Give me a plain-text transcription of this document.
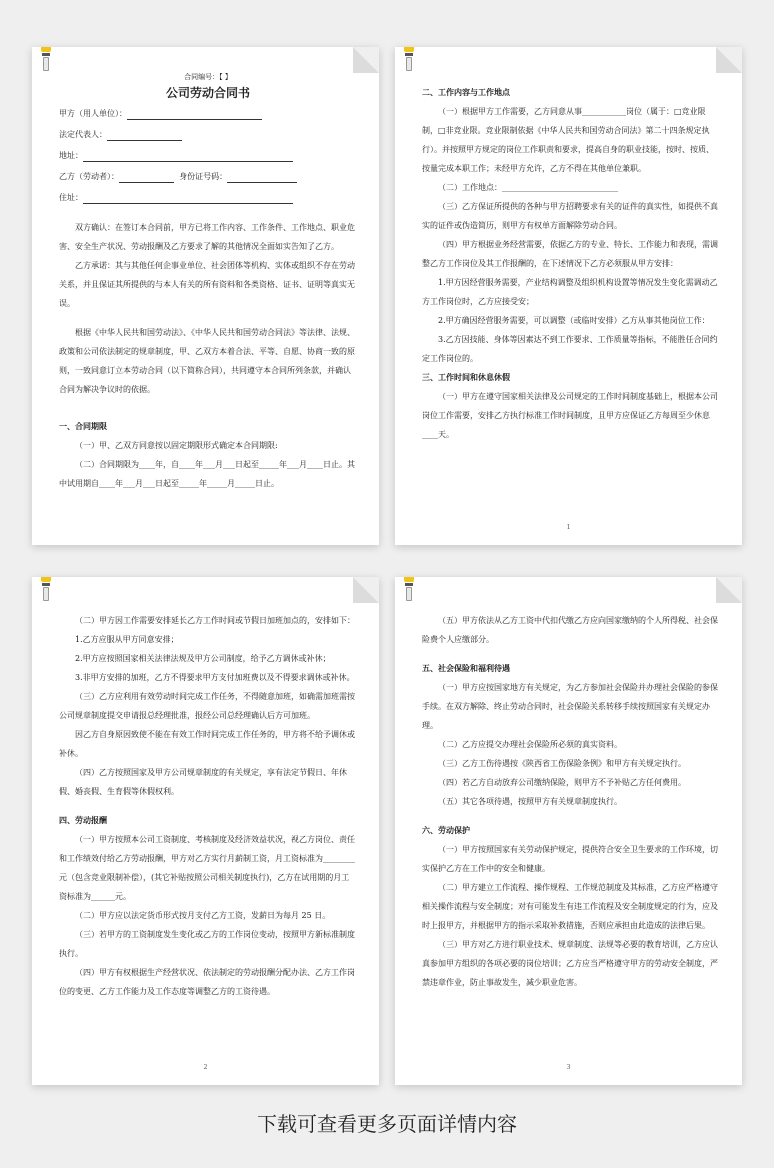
合同编号：【 】

公司劳动合同书

甲方（用人单位）：
法定代表人：
地址：
乙方（劳动者）：	身份证号码：
住址：

双方确认：在签订本合同前，甲方已将工作内容、工作条件、工作地点、职业危害、安全生产状况、劳动报酬及乙方要求了解的其他情况全面如实告知了乙方。

乙方承诺：其与其他任何企事业单位、社会团体等机构、实体或组织不存在劳动关系，并且保证其所提供的与本人有关的所有资料和各类资格、证书、证明等真实无误。

根据《中华人民共和国劳动法》、《中华人民共和国劳动合同法》等法律、法规、政策和公司依法制定的规章制度，甲、乙双方本着合法、平等、自愿、协商一致的原则，一致同意订立本劳动合同（以下简称合同），共同遵守本合同所列条款，并确认合同为解决争议时的依据。

一、合同期限

（一）甲、乙双方同意按以固定期限形式确定本合同期限:

（二）合同期限为____年，自____年___月___日起至_____年___月____日止。其中试用期自____年___月___日起至_____年_____月_____日止。

二、工作内容与工作地点

（一）根据甲方工作需要，乙方同意从事___________岗位（属于：□竞业限制，□非竞业限。竞业限制依据《中华人民共和国劳动合同法》第二十四条规定执行）。并按照甲方规定的岗位工作职责和要求，提高自身的职业技能，按时、按质、按量完成本职工作；未经甲方允许，乙方不得在其他单位兼职。

（二）工作地点：_____________________________

（三）乙方保证所提供的各种与甲方招聘要求有关的证件的真实性，如提供不真实的证件或伪造简历，则甲方有权单方面解除劳动合同。

（四）甲方根据业务经营需要，依据乙方的专业、特长、工作能力和表现，需调整乙方工作岗位及其工作报酬的，在下述情况下乙方必须服从甲方安排：

1.甲方因经营服务需要，产业结构调整及组织机构设置等情况发生变化需调动乙方工作岗位时，乙方应接受安；

2.甲方确因经营服务需要，可以调整（或临时安排）乙方从事其他岗位工作：

3.乙方因技能、身体等因素达不到工作要求、工作质量等指标，不能胜任合同约定工作岗位的。

三、工作时间和休息休假

（一）甲方在遵守国家相关法律及公司规定的工作时间制度基础上，根据本公司岗位工作需要，安排乙方执行标准工作时间制度，且甲方应保证乙方每周至少休息____天。

1

（二）甲方因工作需要安排延长乙方工作时间或节假日加班加点的，安排如下：

1.乙方应服从甲方同意安排；

2.甲方应按照国家相关法律法规及甲方公司制度，给予乙方调休或补休；

3.非甲方安排的加班，乙方不得要求甲方支付加班费以及不得要求调休或补休。

（三）乙方应利用有效劳动时间完成工作任务，不得随意加班，如确需加班需按公司规章制度提交申请报总经理批准，报经公司总经理确认后方可加班。

因乙方自身原因致使不能在有效工作时间完成工作任务的，甲方将不给予调休或补休。

（四）乙方按照国家及甲方公司规章制度的有关规定，享有法定节假日、年休假、婚丧假、生育假等休假权利。

四、劳动报酬

（一）甲方按照本公司工资制度、考核制度及经济效益状况，视乙方岗位、责任和工作绩效付给乙方劳动报酬，甲方对乙方实行月薪制工资，月工资标准为________元（包含竞业限制补偿），(其它补贴按照公司相关制度执行)，乙方在试用期的月工资标准为______元。

（二）甲方应以法定货币形式按月支付乙方工资，发薪日为每月 25 日。

（三）若甲方的工资制度发生变化或乙方的工作岗位变动，按照甲方新标准制度执行。

（四）甲方有权根据生产经营状况、依法制定的劳动报酬分配办法、乙方工作岗位的变更、乙方工作能力及工作态度等调整乙方的工资待遇。

2

（五）甲方依法从乙方工资中代扣代缴乙方应向国家缴纳的个人所得税、社会保险费个人应缴部分。

五、社会保险和福利待遇

（一）甲方应按国家地方有关规定，为乙方参加社会保险并办理社会保险的参保手续。在双方解除、终止劳动合同时，社会保险关系转移手续按照国家有关规定办理。

（二）乙方应提交办理社会保险所必须的真实资料。

（三）乙方工伤待遇按《陕西省工伤保险条例》和甲方有关规定执行。

（四）若乙方自动放弃公司缴纳保险，则甲方不予补贴乙方任何费用。

（五）其它各项待遇，按照甲方有关规章制度执行。

六、劳动保护

（一）甲方按照国家有关劳动保护规定，提供符合安全卫生要求的工作环境，切实保护乙方在工作中的安全和健康。

（二）甲方建立工作流程、操作规程、工作规范制度及其标准，乙方应严格遵守相关操作流程与安全制度；对有可能发生有违工作流程及安全制度规定的行为，应及时上报甲方，并根据甲方的指示采取补救措施，否则应承担由此造成的法律后果。

（三）甲方对乙方进行职业技术、规章制度、法规等必要的教育培训，乙方应认真参加甲方组织的各项必要的岗位培训；乙方应当严格遵守甲方的劳动安全制度，严禁违章作业，防止事故发生，减少职业危害。

3
下载可查看更多页面详情内容
